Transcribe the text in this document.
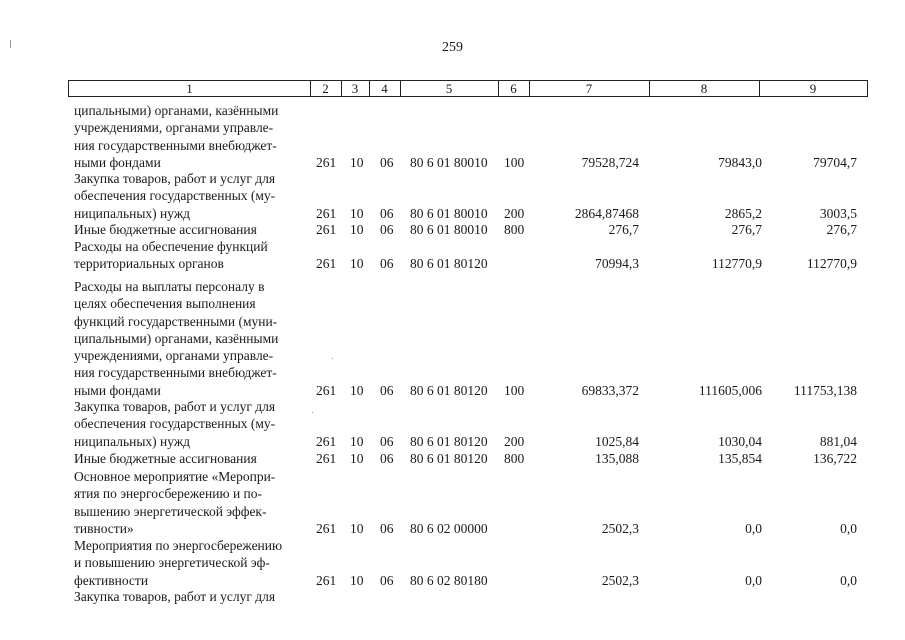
259
1	2	3	4	5	6	7	8	9
ципальными) органами, казёнными
учреждениями, органами управле-
ния государственными внебюджет-
ными фондами	261 10 06 80 6 01 80010 100	79528,724	79843,0	79704,7
Закупка товаров, работ и услуг для
обеспечения государственных (му-
ниципальных) нужд	261 10 06 80 6 01 80010 200	2864,87468	2865,2	3003,5
Иные бюджетные ассигнования	261 10 06 80 6 01 80010 800	276,7	276,7	276,7
Расходы на обеспечение функций
территориальных органов	261 10 06 80 6 01 80120	70994,3	112770,9	112770,9
Расходы на выплаты персоналу в
целях обеспечения выполнения
функций государственными (муни-
ципальными) органами, казёнными
учреждениями, органами управле-
ния государственными внебюджет-
ными фондами	261 10 06 80 6 01 80120 100	69833,372	111605,006 111753,138
Закупка товаров, работ и услуг для
обеспечения государственных (му-
ниципальных) нужд	261 10 06 80 6 01 80120 200	1025,84	1030,04	881,04
Иные бюджетные ассигнования	261 10 06 80 6 01 80120 800	135,088	135,854	136,722
Основное мероприятие «Меропри-
ятия по энергосбережению и по-
вышению энергетической эффек-
тивности»	261 10 06 80 6 02 00000	2502,3	0,0	0,0
Мероприятия по энергосбережению
и повышению энергетической эф-
фективности	261 10 06 80 6 02 80180	2502,3	0,0	0,0
Закупка товаров, работ и услуг для
